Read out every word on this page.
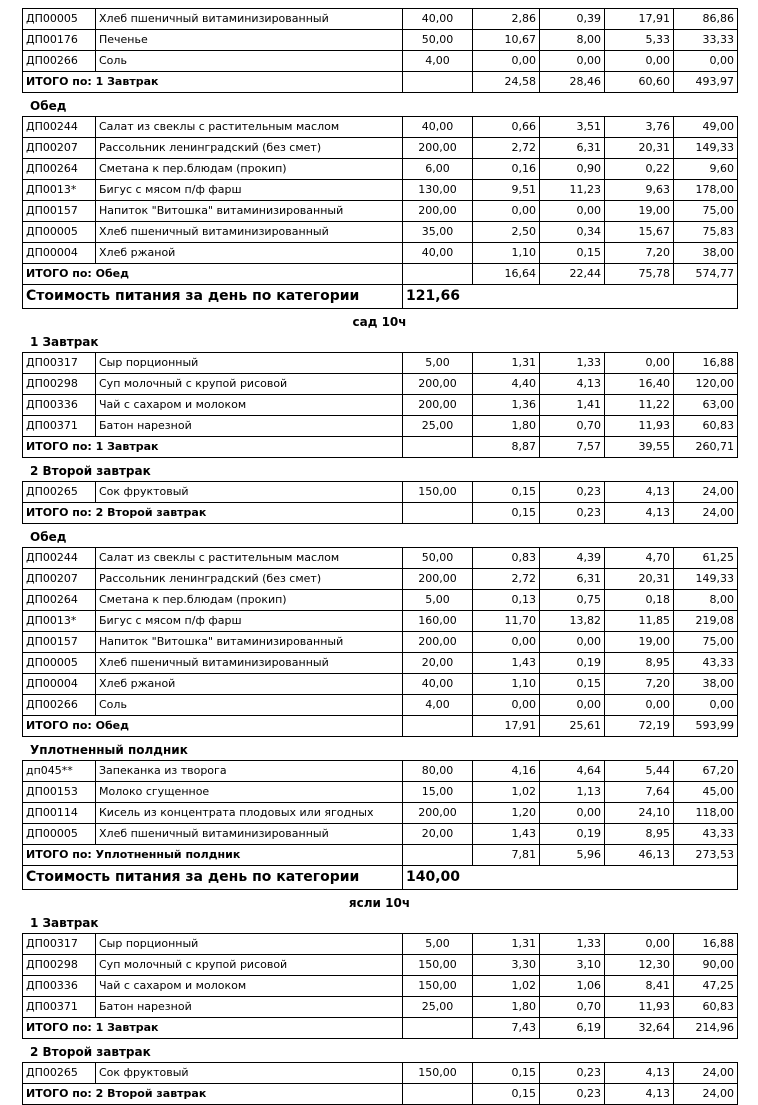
ДП00005	Хлеб пшеничный витаминизированный	40,00	2,86	0,39	17,91	86,86
ДП00176	Печенье	50,00	10,67	8,00	5,33	33,33
ДП00266	Соль	4,00	0,00	0,00	0,00	0,00
ИТОГО по: 1 Завтрак			24,58	28,46	60,60	493,97
Обед
ДП00244	Салат из свеклы с растительным маслом	40,00	0,66	3,51	3,76	49,00
ДП00207	Рассольник ленинградский (без смет)	200,00	2,72	6,31	20,31	149,33
ДП00264	Сметана к пер.блюдам (прокип)	6,00	0,16	0,90	0,22	9,60
ДП0013*	Бигус с мясом п/ф фарш	130,00	9,51	11,23	9,63	178,00
ДП00157	Напиток "Витошка" витаминизированный	200,00	0,00	0,00	19,00	75,00
ДП00005	Хлеб пшеничный витаминизированный	35,00	2,50	0,34	15,67	75,83
ДП00004	Хлеб ржаной	40,00	1,10	0,15	7,20	38,00
ИТОГО по: Обед			16,64	22,44	75,78	574,77
Стоимость питания за день по категории		121,66				
сад 10ч
1 Завтрак
ДП00317	Сыр порционный	5,00	1,31	1,33	0,00	16,88
ДП00298	Суп молочный с крупой рисовой	200,00	4,40	4,13	16,40	120,00
ДП00336	Чай с сахаром и молоком	200,00	1,36	1,41	11,22	63,00
ДП00371	Батон нарезной	25,00	1,80	0,70	11,93	60,83
ИТОГО по: 1 Завтрак			8,87	7,57	39,55	260,71
2 Второй завтрак
ДП00265	Сок фруктовый	150,00	0,15	0,23	4,13	24,00
ИТОГО по: 2 Второй завтрак			0,15	0,23	4,13	24,00
Обед
ДП00244	Салат из свеклы с растительным маслом	50,00	0,83	4,39	4,70	61,25
ДП00207	Рассольник ленинградский (без смет)	200,00	2,72	6,31	20,31	149,33
ДП00264	Сметана к пер.блюдам (прокип)	5,00	0,13	0,75	0,18	8,00
ДП0013*	Бигус с мясом п/ф фарш	160,00	11,70	13,82	11,85	219,08
ДП00157	Напиток "Витошка" витаминизированный	200,00	0,00	0,00	19,00	75,00
ДП00005	Хлеб пшеничный витаминизированный	20,00	1,43	0,19	8,95	43,33
ДП00004	Хлеб ржаной	40,00	1,10	0,15	7,20	38,00
ДП00266	Соль	4,00	0,00	0,00	0,00	0,00
ИТОГО по: Обед			17,91	25,61	72,19	593,99
Уплотненный полдник
дп045**	Запеканка из творога	80,00	4,16	4,64	5,44	67,20
ДП00153	Молоко сгущенное	15,00	1,02	1,13	7,64	45,00
ДП00114	Кисель из концентрата плодовых или ягодных	200,00	1,20	0,00	24,10	118,00
ДП00005	Хлеб пшеничный витаминизированный	20,00	1,43	0,19	8,95	43,33
ИТОГО по: Уплотненный полдник			7,81	5,96	46,13	273,53
Стоимость питания за день по категории		140,00				
ясли 10ч
1 Завтрак
ДП00317	Сыр порционный	5,00	1,31	1,33	0,00	16,88
ДП00298	Суп молочный с крупой рисовой	150,00	3,30	3,10	12,30	90,00
ДП00336	Чай с сахаром и молоком	150,00	1,02	1,06	8,41	47,25
ДП00371	Батон нарезной	25,00	1,80	0,70	11,93	60,83
ИТОГО по: 1 Завтрак			7,43	6,19	32,64	214,96
2 Второй завтрак
ДП00265	Сок фруктовый	150,00	0,15	0,23	4,13	24,00
ИТОГО по: 2 Второй завтрак			0,15	0,23	4,13	24,00
